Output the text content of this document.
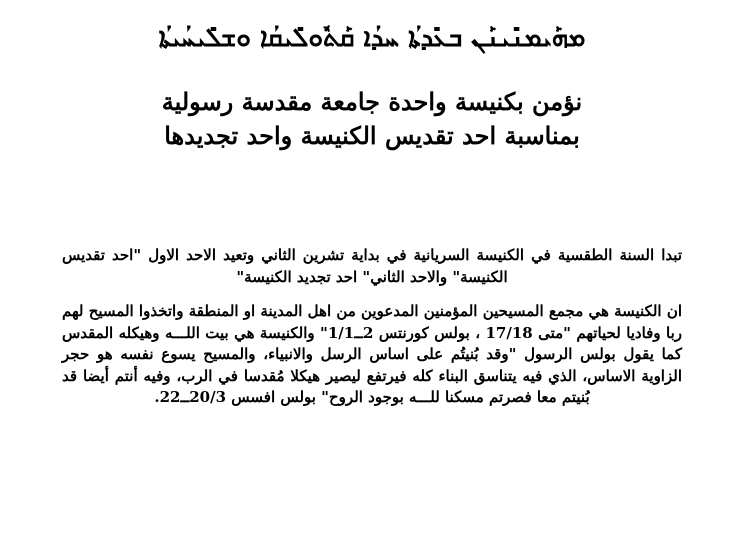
ܡܗܰܝܡܢܺܝܢܰܢ ܒܥܺܕܬܳܐ ܚܕܳܐ ܩܰܬܽܘܠܺܝܩܳܐ ܘܫܠܺܝܚܳܝܬܳܐ
نؤمن بكنيسة واحدة جامعة مقدسة رسولية
بمناسبة احد تقديس الكنيسة واحد تجديدها

تبدا السنة الطقسية في الكنيسة السريانية في بداية تشرين الثاني وتعيد الاحد الاول "احد تقديس الكنيسة" والاحد الثاني" احد تجديد الكنيسة"

ان الكنيسة هي مجمع المسيحين المؤمنين المدعوين من اهل المدينة او المنطقة واتخذوا المسيح لهم ربا وفاديا لحياتهم "متى 17/18 ، بولس كورنتس 2ــ1/1" والكنيسة هي بيت اللـــه وهيكله المقدس كما يقول بولس الرسول "وقد بُنيتُم على اساس الرسل والانبياء، والمسيح يسوع نفسه هو حجر الزاوية الاساس، الذي فيه يتناسق البناء كله فيرتفع ليصير هيكلا مُقدسا في الرب، وفيه أنتم أيضا قد بُنيتم معا فصرتم مسكنا للـــه بوجود الروح" بولس افسس 20/3ــ22.
